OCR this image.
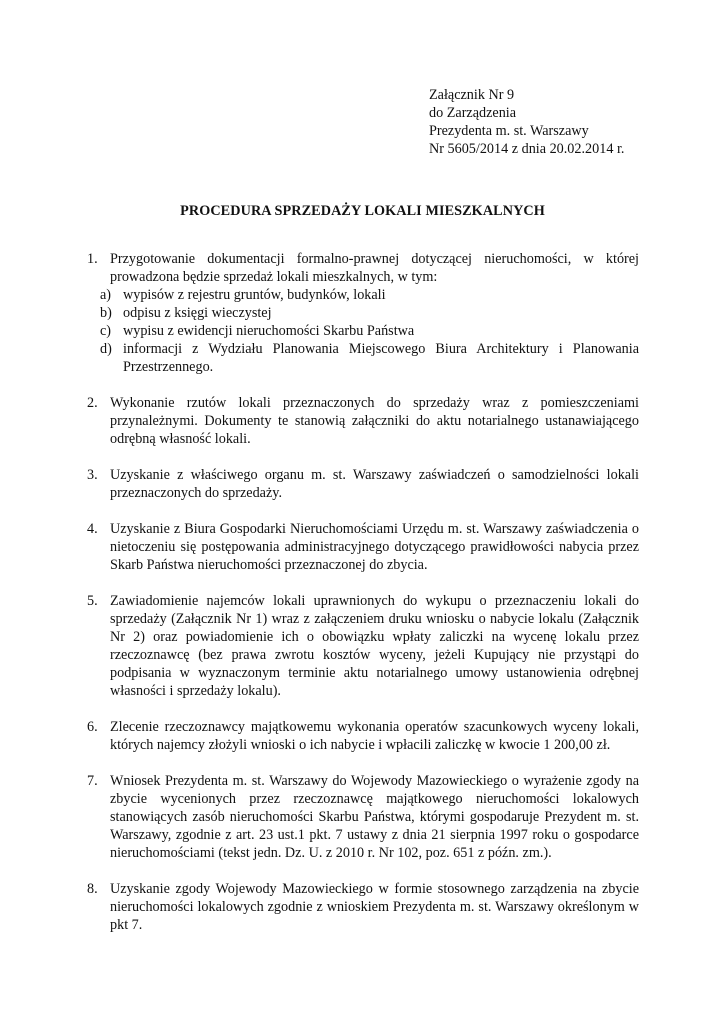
Załącznik Nr 9
do Zarządzenia
Prezydenta m. st. Warszawy
Nr 5605/2014 z dnia 20.02.2014 r.
PROCEDURA SPRZEDAŻY LOKALI MIESZKALNYCH
1. Przygotowanie dokumentacji formalno-prawnej dotyczącej nieruchomości, w której prowadzona będzie sprzedaż lokali mieszkalnych, w tym:
a) wypisów z rejestru gruntów, budynków, lokali
b) odpisu z księgi wieczystej
c) wypisu z ewidencji nieruchomości Skarbu Państwa
d) informacji z Wydziału Planowania Miejscowego Biura Architektury i Planowania Przestrzennego.
2. Wykonanie rzutów lokali przeznaczonych do sprzedaży wraz z pomieszczeniami przynależnymi. Dokumenty te stanowią załączniki do aktu notarialnego ustanawiającego odrębną własność lokali.
3. Uzyskanie z właściwego organu m. st. Warszawy zaświadczeń o samodzielności lokali przeznaczonych do sprzedaży.
4. Uzyskanie z Biura Gospodarki Nieruchomościami Urzędu m. st. Warszawy zaświadczenia o nietoczeniu się postępowania administracyjnego dotyczącego prawidłowości nabycia przez Skarb Państwa nieruchomości przeznaczonej do zbycia.
5. Zawiadomienie najemców lokali uprawnionych do wykupu o przeznaczeniu lokali do sprzedaży (Załącznik Nr 1) wraz z załączeniem druku wniosku o nabycie lokalu (Załącznik Nr 2) oraz powiadomienie ich o obowiązku wpłaty zaliczki na wycenę lokalu przez rzeczoznawcę (bez prawa zwrotu kosztów wyceny, jeżeli Kupujący nie przystąpi do podpisania w wyznaczonym terminie aktu notarialnego umowy ustanowienia odrębnej własności i sprzedaży lokalu).
6. Zlecenie rzeczoznawcy majątkowemu wykonania operatów szacunkowych wyceny lokali, których najemcy złożyli wnioski o ich nabycie i wpłacili zaliczkę w kwocie 1 200,00 zł.
7. Wniosek Prezydenta m. st. Warszawy do Wojewody Mazowieckiego o wyrażenie zgody na zbycie wycenionych przez rzeczoznawcę majątkowego nieruchomości lokalowych stanowiących zasób nieruchomości Skarbu Państwa, którymi gospodaruje Prezydent m. st. Warszawy, zgodnie z art. 23 ust.1 pkt. 7 ustawy z dnia 21 sierpnia 1997 roku o gospodarce nieruchomościami (tekst jedn. Dz. U. z 2010 r. Nr 102, poz. 651 z późn. zm.).
8. Uzyskanie zgody Wojewody Mazowieckiego w formie stosownego zarządzenia na zbycie nieruchomości lokalowych zgodnie z wnioskiem Prezydenta m. st. Warszawy określonym w pkt 7.
